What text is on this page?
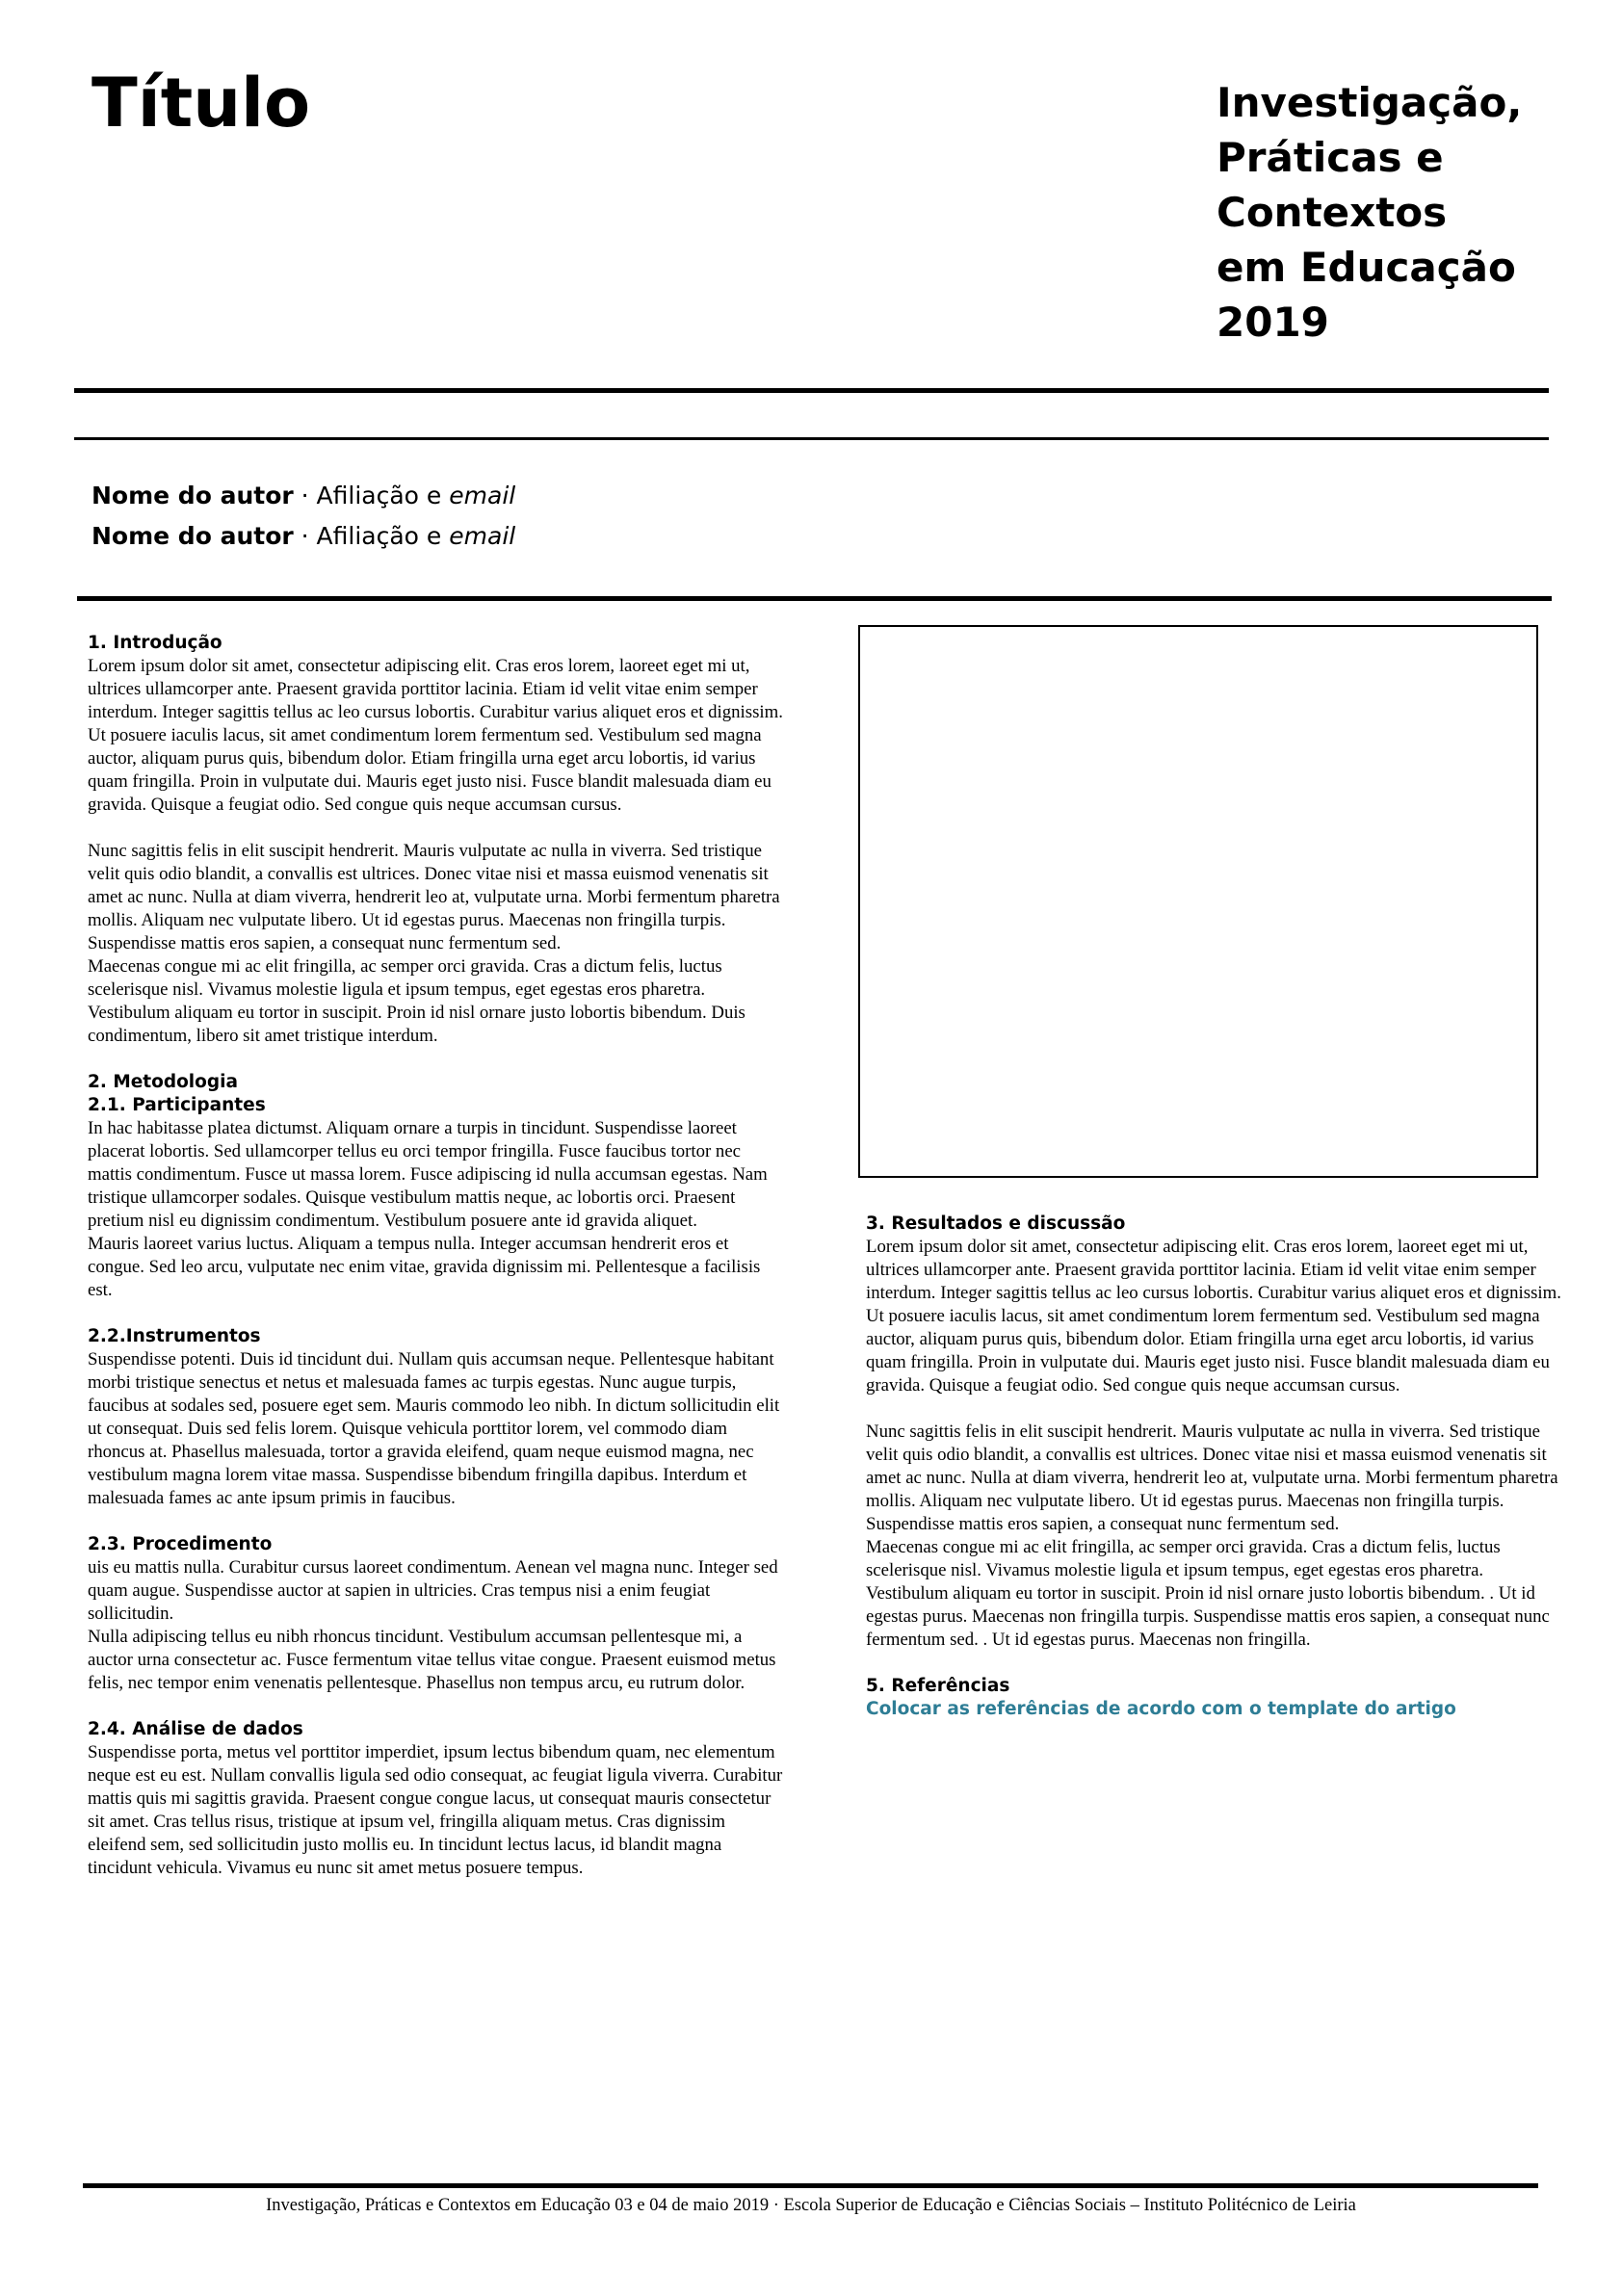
Título	Investigação,
Práticas e
Contextos
em Educação
2019
Nome do autor · Afiliação e email
Nome do autor · Afiliação e email
1. Introdução

Lorem ipsum dolor sit amet, consectetur adipiscing elit. Cras eros lorem, laoreet eget mi ut, ultrices ullamcorper ante. Praesent gravida porttitor lacinia. Etiam id velit vitae enim semper interdum. Integer sagittis tellus ac leo cursus lobortis. Curabitur varius aliquet eros et dignissim. Ut posuere iaculis lacus, sit amet condimentum lorem fermentum sed. Vestibulum sed magna auctor, aliquam purus quis, bibendum dolor. Etiam fringilla urna eget arcu lobortis, id varius quam fringilla. Proin in vulputate dui. Mauris eget justo nisi. Fusce blandit malesuada diam eu gravida. Quisque a feugiat odio. Sed congue quis neque accumsan cursus.

Nunc sagittis felis in elit suscipit hendrerit. Mauris vulputate ac nulla in viverra. Sed tristique velit quis odio blandit, a convallis est ultrices. Donec vitae nisi et massa euismod venenatis sit amet ac nunc. Nulla at diam viverra, hendrerit leo at, vulputate urna. Morbi fermentum pharetra mollis. Aliquam nec vulputate libero. Ut id egestas purus. Maecenas non fringilla turpis. Suspendisse mattis eros sapien, a consequat nunc fermentum sed.

Maecenas congue mi ac elit fringilla, ac semper orci gravida. Cras a dictum felis, luctus scelerisque nisl. Vivamus molestie ligula et ipsum tempus, eget egestas eros pharetra. Vestibulum aliquam eu tortor in suscipit. Proin id nisl ornare justo lobortis bibendum. Duis condimentum, libero sit amet tristique interdum.

2. Metodologia
2.1. Participantes

In hac habitasse platea dictumst. Aliquam ornare a turpis in tincidunt. Suspendisse laoreet placerat lobortis. Sed ullamcorper tellus eu orci tempor fringilla. Fusce faucibus tortor nec mattis condimentum. Fusce ut massa lorem. Fusce adipiscing id nulla accumsan egestas. Nam tristique ullamcorper sodales. Quisque vestibulum mattis neque, ac lobortis orci. Praesent pretium nisl eu dignissim condimentum. Vestibulum posuere ante id gravida aliquet.

Mauris laoreet varius luctus. Aliquam a tempus nulla. Integer accumsan hendrerit eros et congue. Sed leo arcu, vulputate nec enim vitae, gravida dignissim mi. Pellentesque a facilisis est.

2.2.Instrumentos

Suspendisse potenti. Duis id tincidunt dui. Nullam quis accumsan neque. Pellentesque habitant morbi tristique senectus et netus et malesuada fames ac turpis egestas. Nunc augue turpis, faucibus at sodales sed, posuere eget sem. Mauris commodo leo nibh. In dictum sollicitudin elit ut consequat. Duis sed felis lorem. Quisque vehicula porttitor lorem, vel commodo diam rhoncus at. Phasellus malesuada, tortor a gravida eleifend, quam neque euismod magna, nec vestibulum magna lorem vitae massa. Suspendisse bibendum fringilla dapibus. Interdum et malesuada fames ac ante ipsum primis in faucibus.

2.3. Procedimento

uis eu mattis nulla. Curabitur cursus laoreet condimentum. Aenean vel magna nunc. Integer sed quam augue. Suspendisse auctor at sapien in ultricies. Cras tempus nisi a enim feugiat sollicitudin.

Nulla adipiscing tellus eu nibh rhoncus tincidunt. Vestibulum accumsan pellentesque mi, a auctor urna consectetur ac. Fusce fermentum vitae tellus vitae congue. Praesent euismod metus felis, nec tempor enim venenatis pellentesque. Phasellus non tempus arcu, eu rutrum dolor.

2.4. Análise de dados

Suspendisse porta, metus vel porttitor imperdiet, ipsum lectus bibendum quam, nec elementum neque est eu est. Nullam convallis ligula sed odio consequat, ac feugiat ligula viverra. Curabitur mattis quis mi sagittis gravida. Praesent congue congue lacus, ut consequat mauris consectetur sit amet. Cras tellus risus, tristique at ipsum vel, fringilla aliquam metus. Cras dignissim eleifend sem, sed sollicitudin justo mollis eu. In tincidunt lectus lacus, id blandit magna tincidunt vehicula. Vivamus eu nunc sit amet metus posuere tempus.

3. Resultados e discussão

Lorem ipsum dolor sit amet, consectetur adipiscing elit. Cras eros lorem, laoreet eget mi ut, ultrices ullamcorper ante. Praesent gravida porttitor lacinia. Etiam id velit vitae enim semper interdum. Integer sagittis tellus ac leo cursus lobortis. Curabitur varius aliquet eros et dignissim. Ut posuere iaculis lacus, sit amet condimentum lorem fermentum sed. Vestibulum sed magna auctor, aliquam purus quis, bibendum dolor. Etiam fringilla urna eget arcu lobortis, id varius quam fringilla. Proin in vulputate dui. Mauris eget justo nisi. Fusce blandit malesuada diam eu gravida. Quisque a feugiat odio. Sed congue quis neque accumsan cursus.

Nunc sagittis felis in elit suscipit hendrerit. Mauris vulputate ac nulla in viverra. Sed tristique velit quis odio blandit, a convallis est ultrices. Donec vitae nisi et massa euismod venenatis sit amet ac nunc. Nulla at diam viverra, hendrerit leo at, vulputate urna. Morbi fermentum pharetra mollis. Aliquam nec vulputate libero. Ut id egestas purus. Maecenas non fringilla turpis. Suspendisse mattis eros sapien, a consequat nunc fermentum sed.

Maecenas congue mi ac elit fringilla, ac semper orci gravida. Cras a dictum felis, luctus scelerisque nisl. Vivamus molestie ligula et ipsum tempus, eget egestas eros pharetra. Vestibulum aliquam eu tortor in suscipit. Proin id nisl ornare justo lobortis bibendum. . Ut id egestas purus. Maecenas non fringilla turpis. Suspendisse mattis eros sapien, a consequat nunc fermentum sed. . Ut id egestas purus. Maecenas non fringilla.

5. Referências
Colocar as referências de acordo com o template do artigo
Investigação, Práticas e Contextos em Educação 03 e 04 de maio 2019 · Escola Superior de Educação e Ciências Sociais – Instituto Politécnico de Leiria
